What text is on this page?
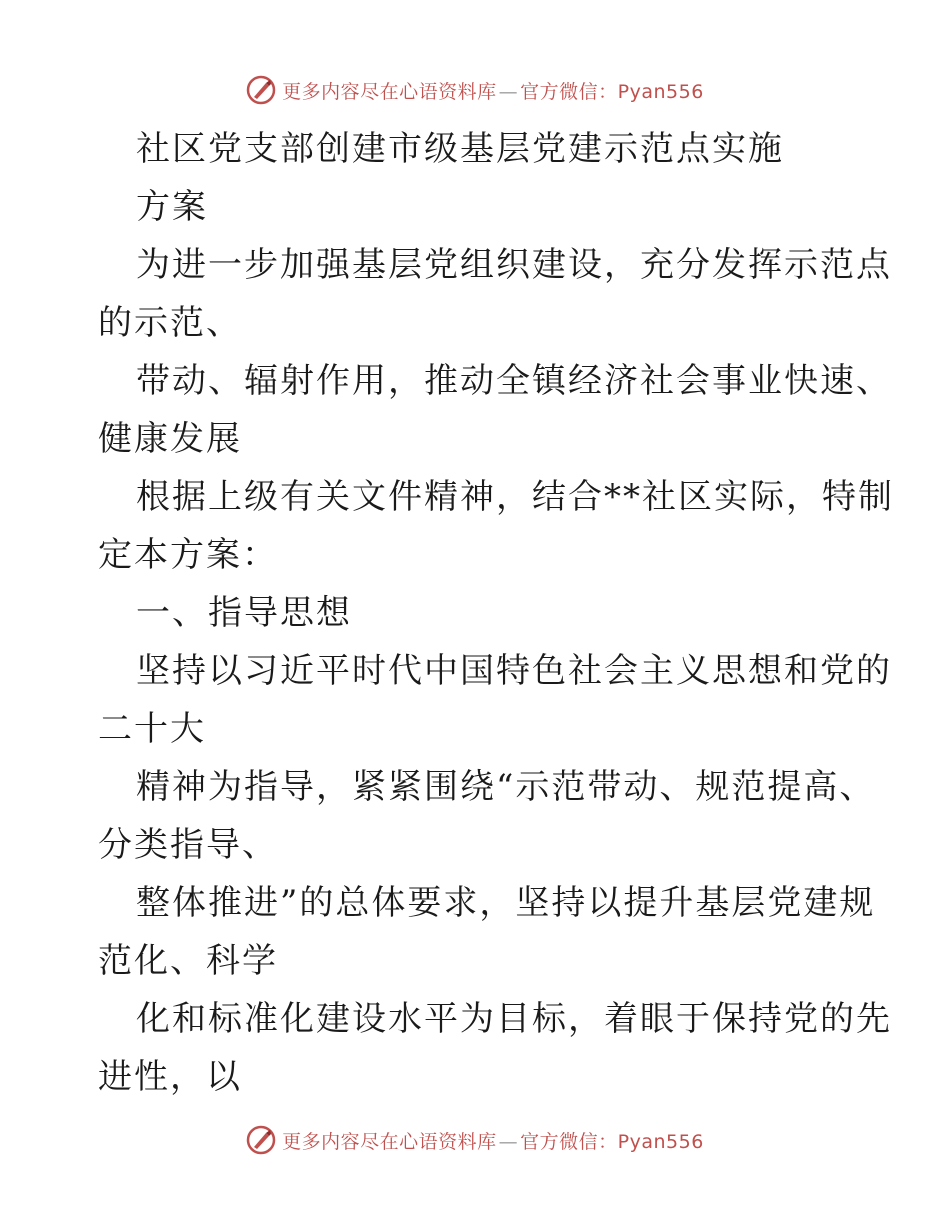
更多内容尽在心语资料库 — 官方微信：Pyan556
社区党支部创建市级基层党建示范点实施
方案
为进一步加强基层党组织建设，充分发挥示范点
的示范、
带动、辐射作用，推动全镇经济社会事业快速、
健康发展
根据上级有关文件精神，结合**社区实际，特制
定本方案：
一、指导思想
坚持以习近平时代中国特色社会主义思想和党的
二十大
精神为指导，紧紧围绕“示范带动、规范提高、
分类指导、
整体推进”的总体要求，坚持以提升基层党建规
范化、科学
化和标准化建设水平为目标，着眼于保持党的先
进性，以
更多内容尽在心语资料库 — 官方微信：Pyan556
